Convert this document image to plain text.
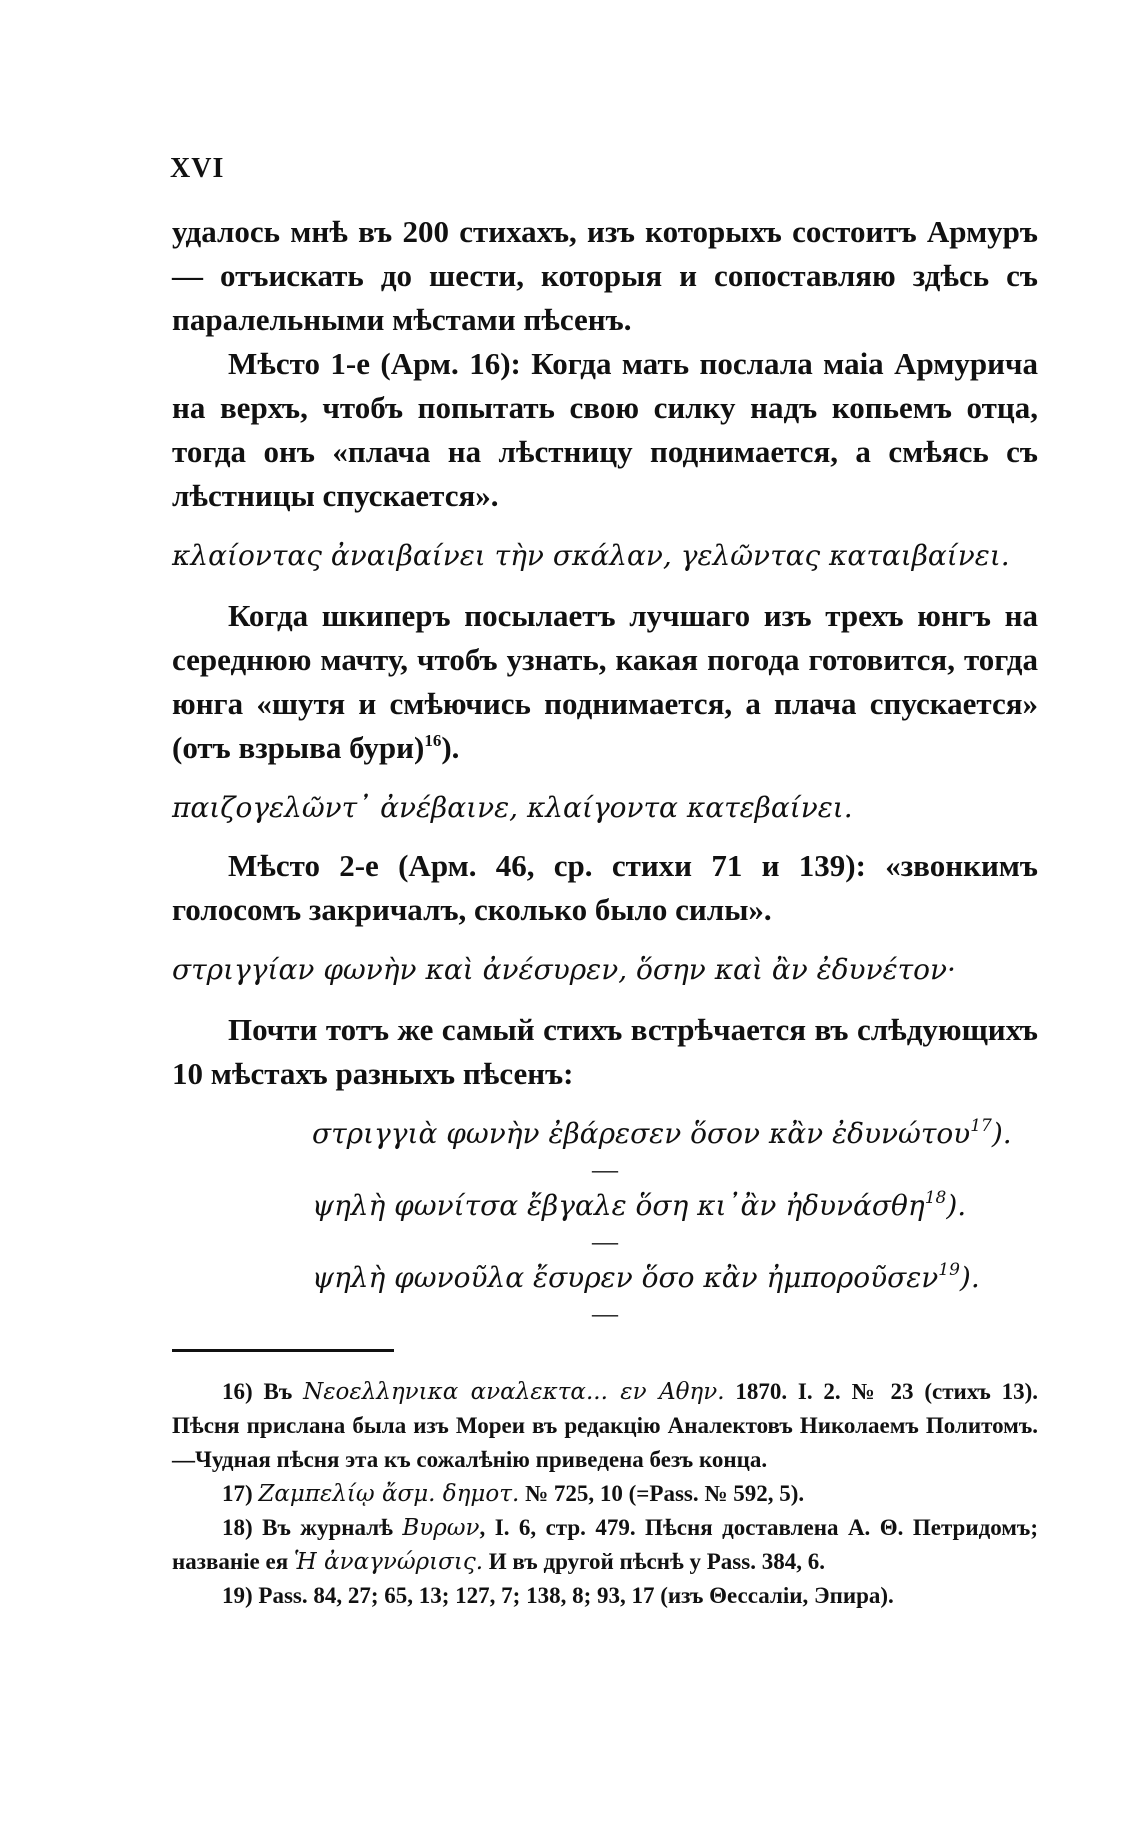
XVI

удалось мнѣ въ 200 стихахъ, изъ которыхъ состоитъ Армуръ— отъискать до шести, которыя и сопоставляю здѣсь съ паралельными мѣстами пѣсенъ.

Мѣсто 1-е (Арм. 16): Когда мать послала маіа Армурича на верхъ, чтобъ попытать свою силку надъ копьемъ отца, тогда онъ «плача на лѣстницу поднимается, а смѣясь съ лѣстницы спускается».

κλαίοντας ἀναιβαίνει τὴν σκάλαν, γελῶντας καταιβαίνει.

Когда шкиперъ посылаетъ лучшаго изъ трехъ юнгъ на середнюю мачту, чтобъ узнать, какая погода готовится, тогда юнга «шутя и смѣючись поднимается, а плача спускается» (отъ взрыва бури)$^{16}$).

παιζογελῶντ᾽ ἀνέβαινε, κλαίγοντα κατεβαίνει.

Мѣсто 2-е (Арм. 46, ср. стихи 71 и 139): «звонкимъ голосомъ закричалъ, сколько было силы».

στριγγίαν φωνὴν καὶ ἀνέσυρεν, ὅσην καὶ ἂν ἐδυνέτον·

Почти тотъ же самый стихъ встрѣчается въ слѣдующихъ 10 мѣстахъ разныхъ пѣсенъ:

στριγγιὰ φωνὴν ἐβάρεσεν ὅσον κἂν ἐδυνώτου$^{17}$).

—

ψηλὴ φωνίτσα ἔβγαλε ὅση κι᾽ἂν ἠδυνάσθη$^{18}$).

—

ψηλὴ φωνοῦλα ἔσυρεν ὅσο κἂν ἠμποροῦσεν$^{19}$).

—

16) Въ Νεοελληνικα αναλεκτα... εν Αθην. 1870. I. 2. № 23 (стихъ 13). Пѣсня прислана была изъ Мореи въ редакцію Аналектовъ Николаемъ Политомъ.—Чудная пѣсня эта къ сожалѣнію приведена безъ конца.

17) Ζαμπελίῳ ἄσμ. δημοτ. № 725, 10 (=Pass. № 592, 5).

18) Въ журналѣ Βυρων, I. 6, стр. 479. Пѣсня доставлена А. Θ. Петридомъ; названіе ея Ἡ ἀναγνώρισις. И въ другой пѣснѣ у Pass. 384, 6.

19) Pass. 84, 27; 65, 13; 127, 7; 138, 8; 93, 17 (изъ Θессаліи, Эпира).
